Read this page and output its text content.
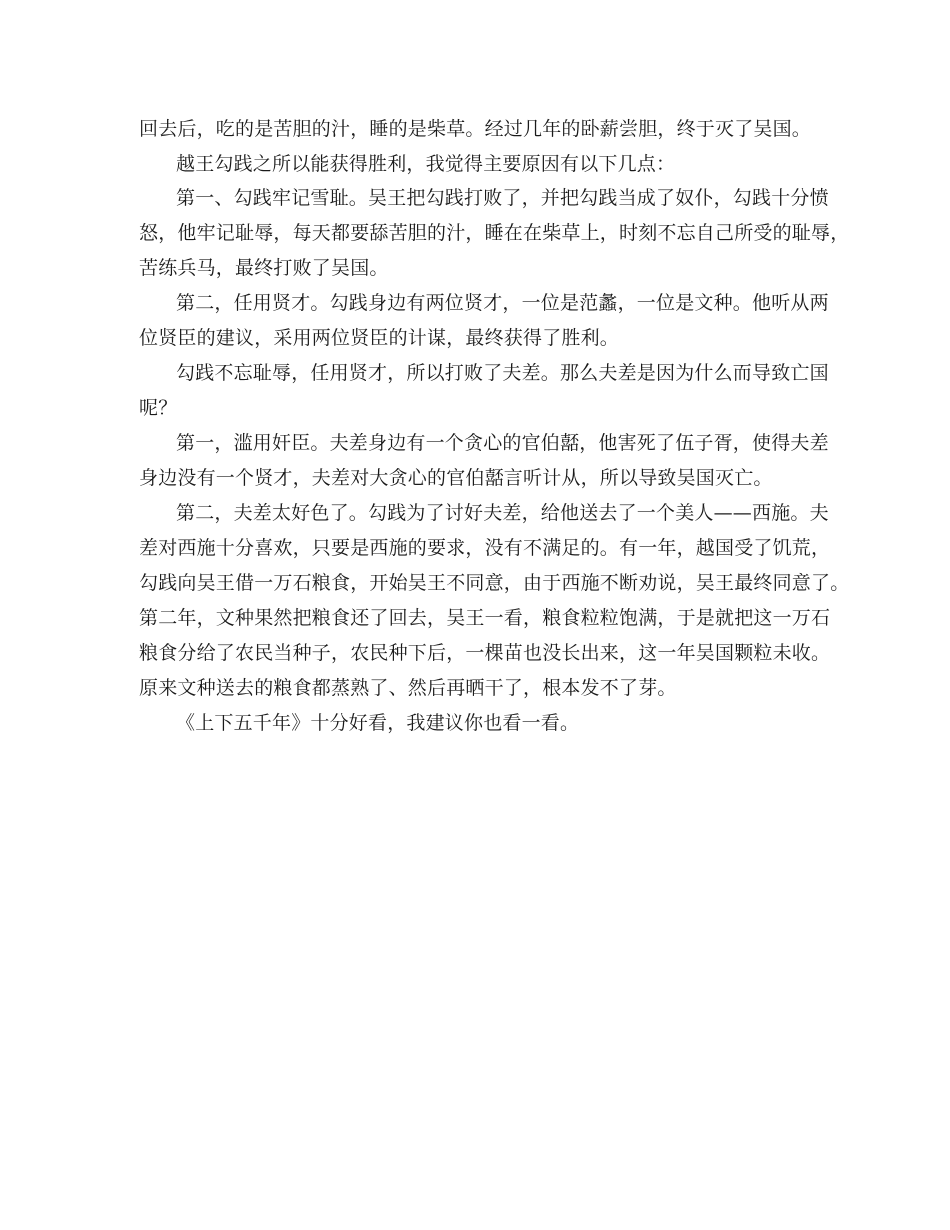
回去后，吃的是苦胆的汁，睡的是柴草。经过几年的卧薪尝胆，终于灭了吴国。
越王勾践之所以能获得胜利，我觉得主要原因有以下几点：
第一、勾践牢记雪耻。吴王把勾践打败了，并把勾践当成了奴仆，勾践十分愤
怒，他牢记耻辱，每天都要舔苦胆的汁，睡在在柴草上，时刻不忘自己所受的耻辱，
苦练兵马，最终打败了吴国。
第二，任用贤才。勾践身边有两位贤才，一位是范蠡，一位是文种。他听从两
位贤臣的建议，采用两位贤臣的计谋，最终获得了胜利。
勾践不忘耻辱，任用贤才，所以打败了夫差。那么夫差是因为什么而导致亡国
呢？
第一，滥用奸臣。夫差身边有一个贪心的官伯嚭，他害死了伍子胥，使得夫差
身边没有一个贤才，夫差对大贪心的官伯嚭言听计从，所以导致吴国灭亡。
第二，夫差太好色了。勾践为了讨好夫差，给他送去了一个美人——西施。夫
差对西施十分喜欢，只要是西施的要求，没有不满足的。有一年，越国受了饥荒，
勾践向吴王借一万石粮食，开始吴王不同意，由于西施不断劝说，吴王最终同意了。
第二年，文种果然把粮食还了回去，吴王一看，粮食粒粒饱满，于是就把这一万石
粮食分给了农民当种子，农民种下后，一棵苗也没长出来，这一年吴国颗粒未收。
原来文种送去的粮食都蒸熟了、然后再晒干了，根本发不了芽。
《上下五千年》十分好看，我建议你也看一看。
